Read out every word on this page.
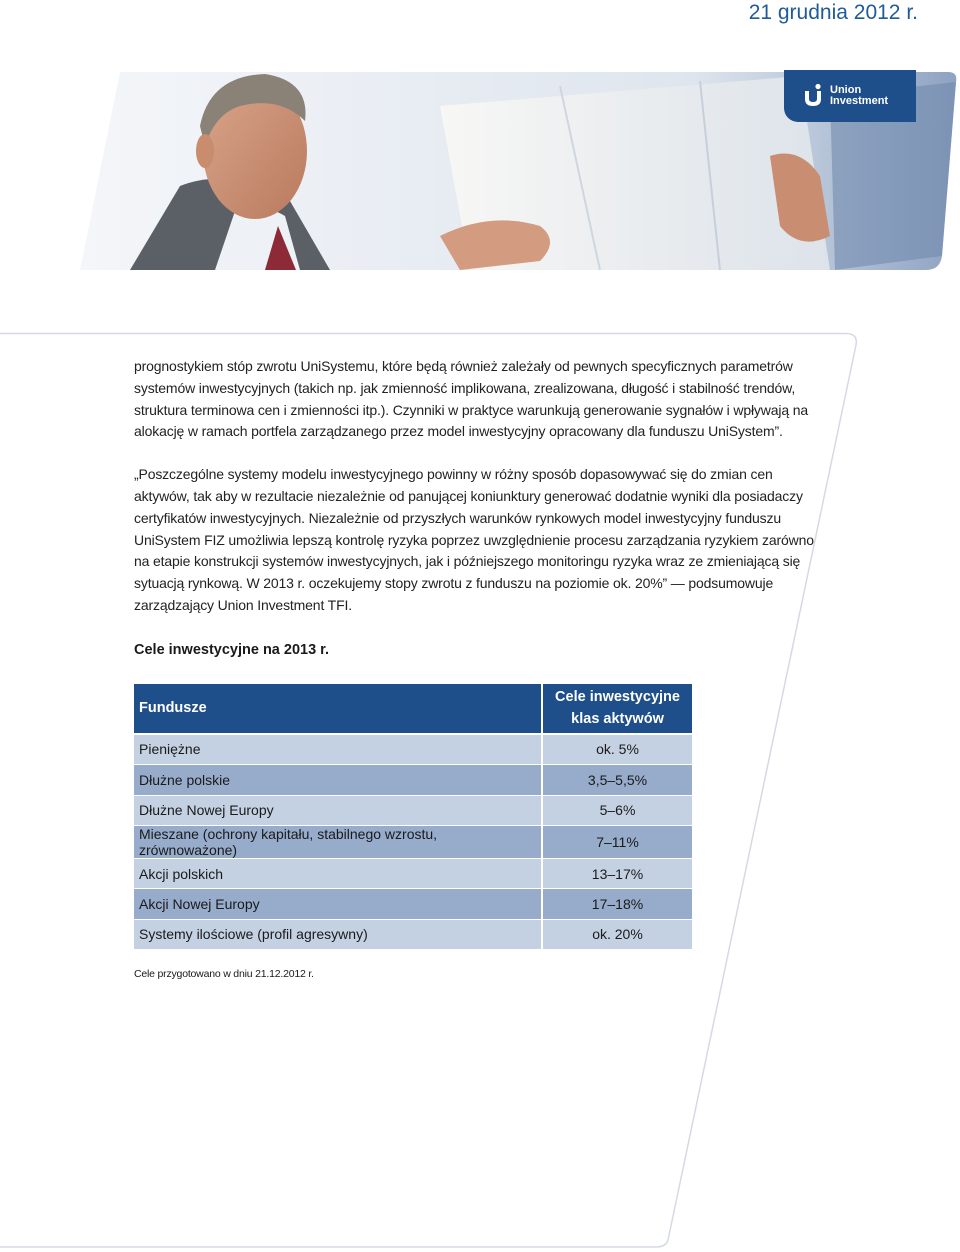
21 grudnia 2012 r.
Union
Investment

prognostykiem stóp zwrotu UniSystemu, które będą również zależały od pewnych specyficznych parametrów systemów inwestycyjnych (takich np. jak zmienność implikowana, zrealizowana, długość i stabilność trendów, struktura terminowa cen i zmienności itp.). Czynniki w praktyce warunkują generowanie sygnałów i wpływają na alokację w ramach portfela zarządzanego przez model inwestycyjny opracowany dla funduszu UniSystem”.

„Poszczególne systemy modelu inwestycyjnego powinny w różny sposób dopasowywać się do zmian cen aktywów, tak aby w rezultacie niezależnie od panującej koniunktury generować dodatnie wyniki dla posiadaczy certyfikatów inwestycyjnych. Niezależnie od przyszłych warunków rynkowych model inwestycyjny funduszu UniSystem FIZ umożliwia lepszą kontrolę ryzyka poprzez uwzględnienie procesu zarządzania ryzykiem zarówno na etapie konstrukcji systemów inwestycyjnych, jak i późniejszego monitoringu ryzyka wraz ze zmieniającą się sytuacją rynkową. W 2013 r. oczekujemy stopy zwrotu z funduszu na poziomie ok. 20%” — podsumowuje zarządzający Union Investment TFI.

Cele inwestycyjne na 2013 r.
Fundusze	Cele inwestycyjne klas aktywów
Pieniężne	ok. 5%
Dłużne polskie	3,5–5,5%
Dłużne Nowej Europy	5–6%
Mieszane (ochrony kapitału, stabilnego wzrostu, zrównoważone)	7–11%
Akcji polskich	13–17%
Akcji Nowej Europy	17–18%
Systemy ilościowe (profil agresywny)	ok. 20%

Cele przygotowano w dniu 21.12.2012 r.
